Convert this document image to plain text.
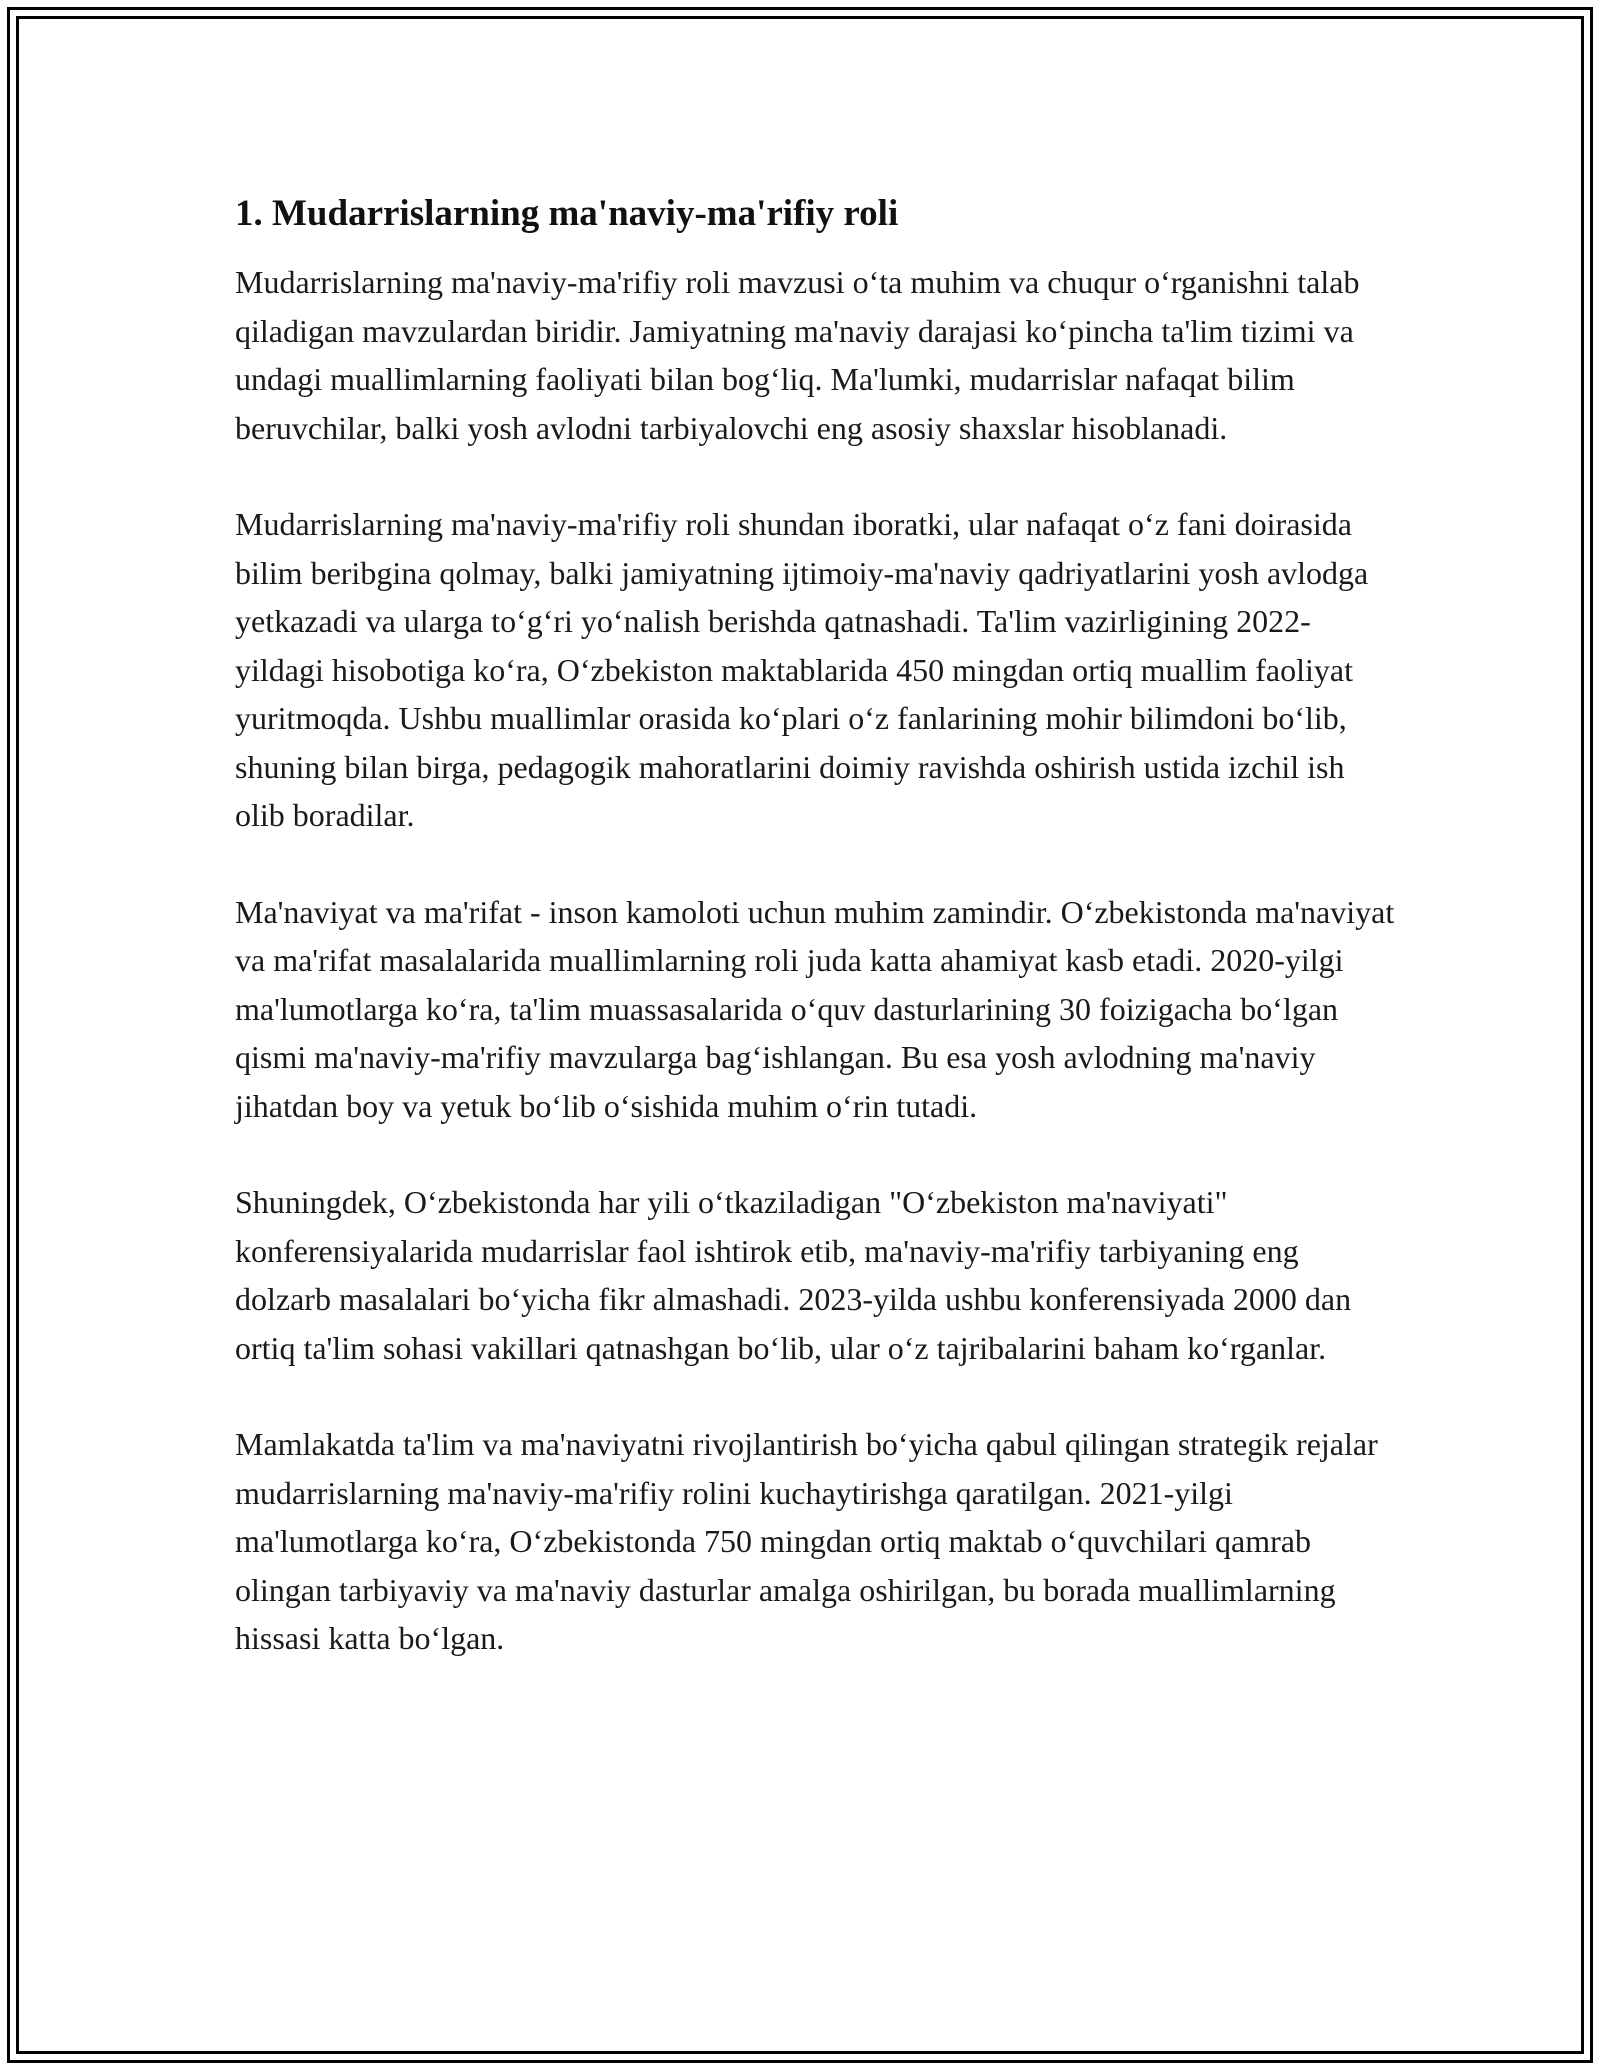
1. Mudarrislarning ma'naviy-ma'rifiy roli

Mudarrislarning ma'naviy-ma'rifiy roli mavzusi o‘ta muhim va chuqur o‘rganishni talab qiladigan mavzulardan biridir. Jamiyatning ma'naviy darajasi ko‘pincha ta'lim tizimi va undagi muallimlarning faoliyati bilan bog‘liq. Ma'lumki, mudarrislar nafaqat bilim beruvchilar, balki yosh avlodni tarbiyalovchi eng asosiy shaxslar hisoblanadi.

Mudarrislarning ma'naviy-ma'rifiy roli shundan iboratki, ular nafaqat o‘z fani doirasida bilim beribgina qolmay, balki jamiyatning ijtimoiy-ma'naviy qadriyatlarini yosh avlodga yetkazadi va ularga to‘g‘ri yo‘nalish berishda qatnashadi. Ta'lim vazirligining 2022-yildagi hisobotiga ko‘ra, O‘zbekiston maktablarida 450 mingdan ortiq muallim faoliyat yuritmoqda. Ushbu muallimlar orasida ko‘plari o‘z fanlarining mohir bilimdoni bo‘lib, shuning bilan birga, pedagogik mahoratlarini doimiy ravishda oshirish ustida izchil ish olib boradilar.

Ma'naviyat va ma'rifat - inson kamoloti uchun muhim zamindir. O‘zbekistonda ma'naviyat va ma'rifat masalalarida muallimlarning roli juda katta ahamiyat kasb etadi. 2020-yilgi ma'lumotlarga ko‘ra, ta'lim muassasalarida o‘quv dasturlarining 30 foizigacha bo‘lgan qismi ma'naviy-ma'rifiy mavzularga bag‘ishlangan. Bu esa yosh avlodning ma'naviy jihatdan boy va yetuk bo‘lib o‘sishida muhim o‘rin tutadi.

Shuningdek, O‘zbekistonda har yili o‘tkaziladigan "O‘zbekiston ma'naviyati" konferensiyalarida mudarrislar faol ishtirok etib, ma'naviy-ma'rifiy tarbiyaning eng dolzarb masalalari bo‘yicha fikr almashadi. 2023-yilda ushbu konferensiyada 2000 dan ortiq ta'lim sohasi vakillari qatnashgan bo‘lib, ular o‘z tajribalarini baham ko‘rganlar.

Mamlakatda ta'lim va ma'naviyatni rivojlantirish bo‘yicha qabul qilingan strategik rejalar mudarrislarning ma'naviy-ma'rifiy rolini kuchaytirishga qaratilgan. 2021-yilgi ma'lumotlarga ko‘ra, O‘zbekistonda 750 mingdan ortiq maktab o‘quvchilari qamrab olingan tarbiyaviy va ma'naviy dasturlar amalga oshirilgan, bu borada muallimlarning hissasi katta bo‘lgan.
